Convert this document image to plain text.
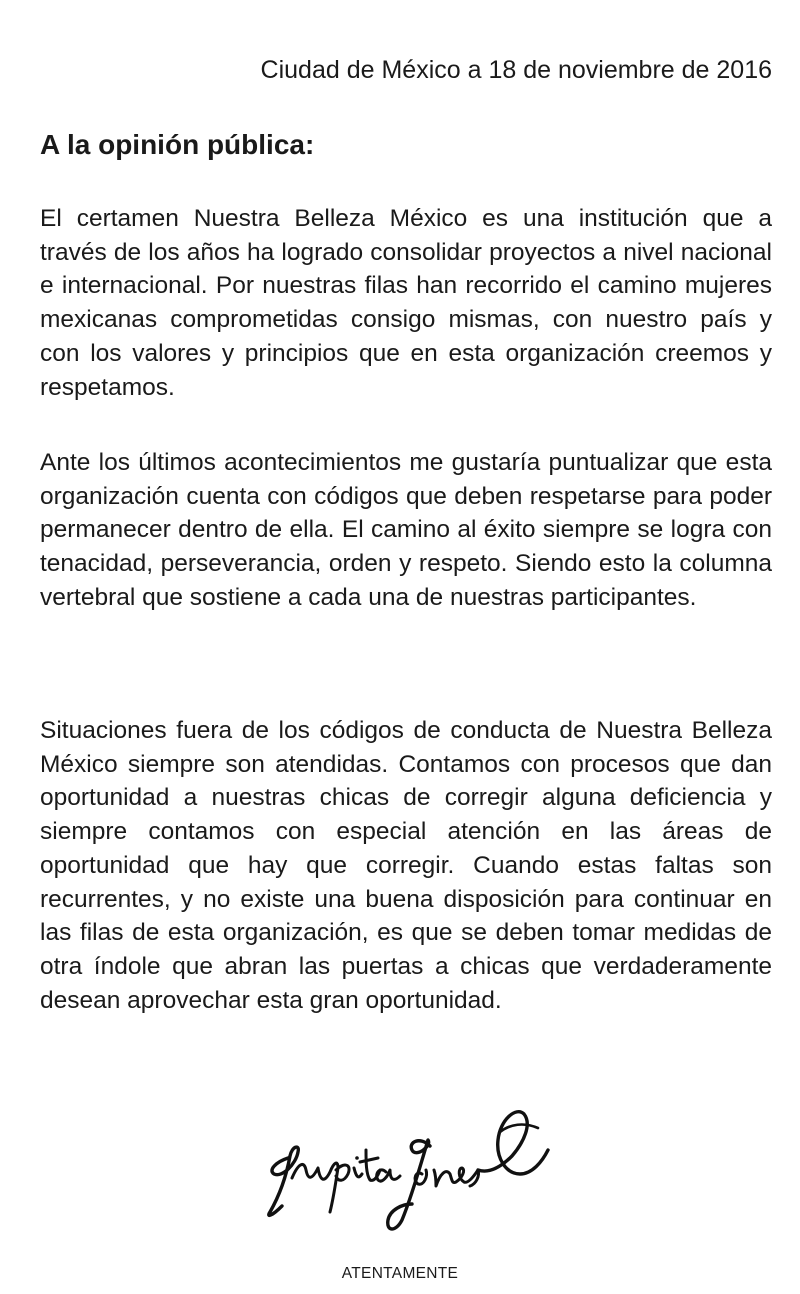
Ciudad de México a 18 de noviembre de 2016
A la opinión pública:

El certamen Nuestra Belleza México es una institución que a través de los años ha logrado consolidar proyectos a nivel nacional e internacional. Por nuestras filas han recorrido el camino mujeres mexicanas comprometidas consigo mismas, con nuestro país y con los valores y principios que en esta organización creemos y respetamos.

Ante los últimos acontecimientos me gustaría puntualizar que esta organización cuenta con códigos que deben respetarse para poder permanecer dentro de ella. El camino al éxito siempre se logra con tenacidad, perseverancia, orden y respeto. Siendo esto la columna vertebral que sostiene a cada una de nuestras participantes.

Situaciones fuera de los códigos de conducta de Nuestra Belleza México siempre son atendidas. Contamos con procesos que dan oportunidad a nuestras chicas de corregir alguna deficiencia y siempre contamos con especial atención en las áreas de oportunidad que hay que corregir. Cuando estas faltas son recurrentes, y no existe una buena disposición para continuar en las filas de esta organización, es que se deben tomar medidas de otra índole que abran las puertas a chicas que verdaderamente desean aprovechar esta gran oportunidad.

ATENTAMENTE
